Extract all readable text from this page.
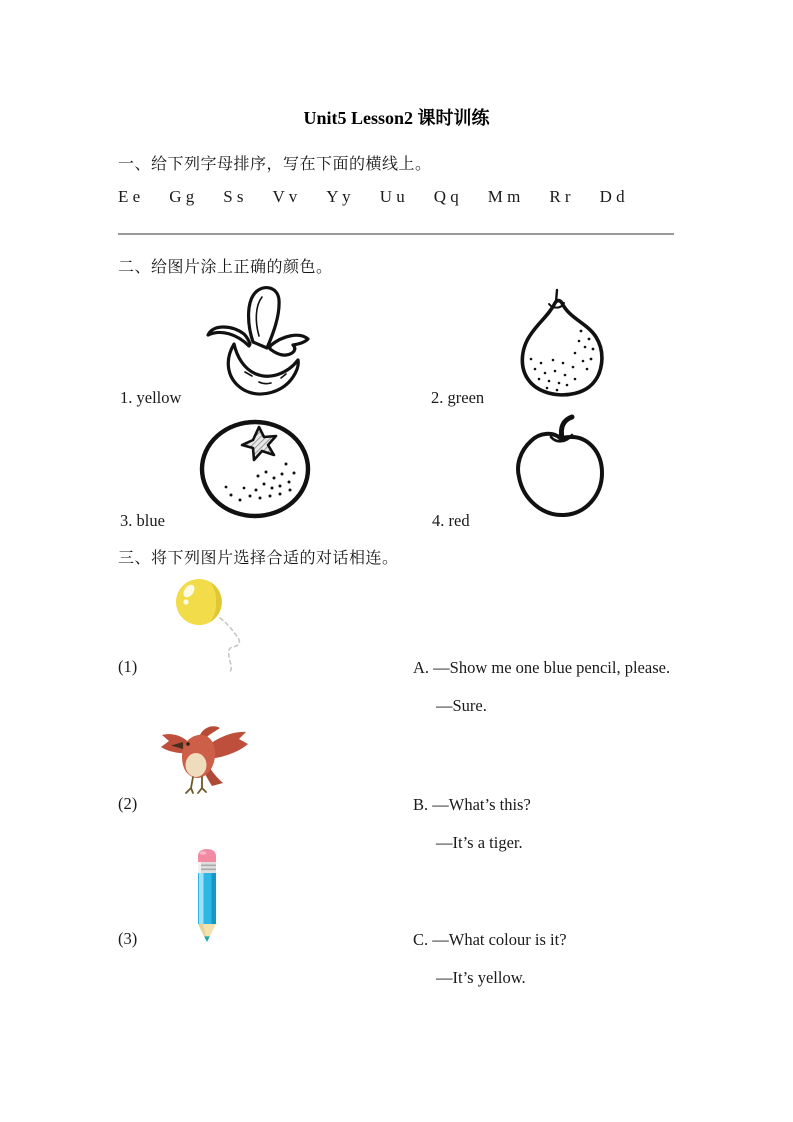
Unit5 Lesson2 课时训练
一、给下列字母排序，写在下面的横线上。
E e G g S s V v Y y U u Q q M m R r D d
二、给图片涂上正确的颜色。
1. yellow	2. green
3. blue	4. red
三、将下列图片选择合适的对话相连。
(1)	A. —Show me one blue pencil, please.

—Sure.

(2)	B. —What’s this?

—It’s a tiger.

(3)	C. —What colour is it?

—It’s yellow.
